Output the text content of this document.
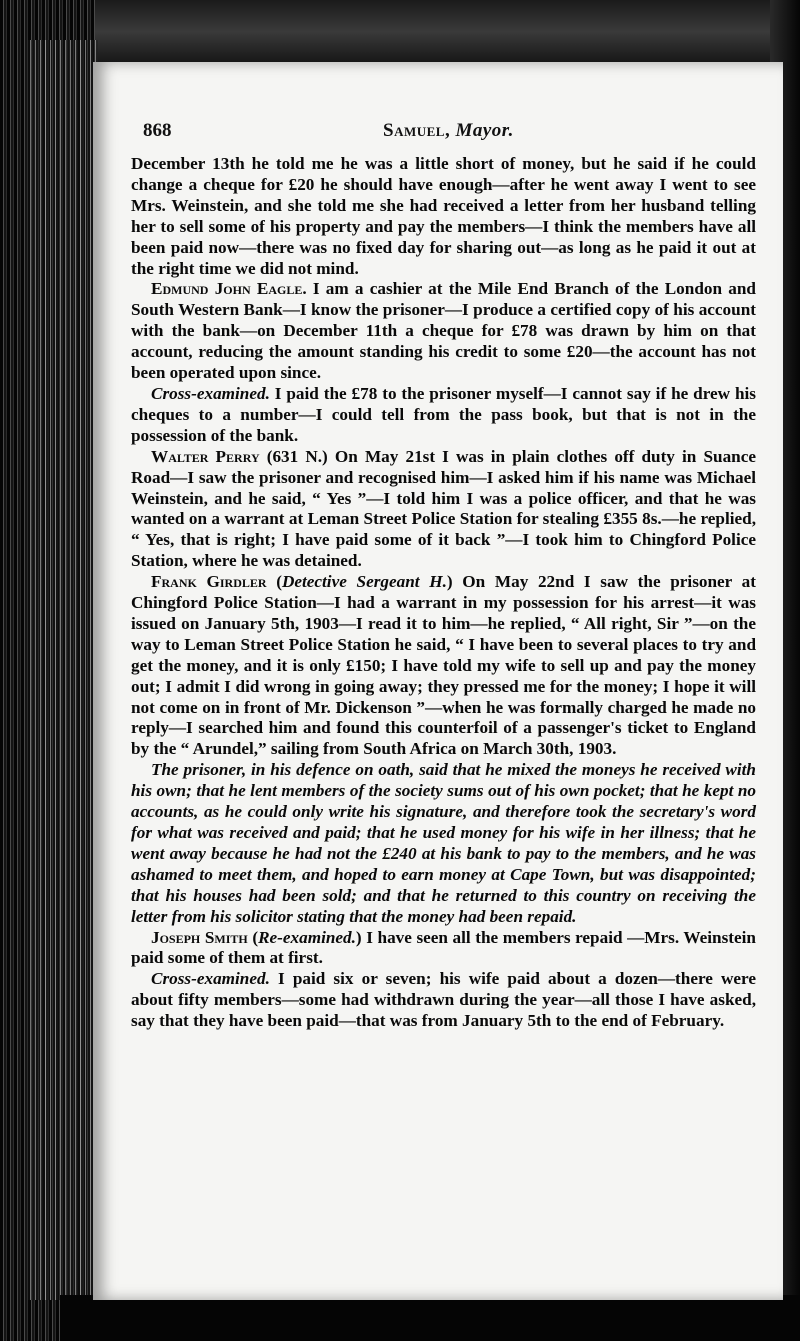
868	Samuel, Mayor.

December 13th he told me he was a little short of money, but he said if he could change a cheque for £20 he should have enough—after he went away I went to see Mrs. Weinstein, and she told me she had received a letter from her husband telling her to sell some of his property and pay the members—I think the members have all been paid now—there was no fixed day for sharing out—as long as he paid it out at the right time we did not mind.

Edmund John Eagle. I am a cashier at the Mile End Branch of the London and South Western Bank—I know the prisoner—I produce a certified copy of his account with the bank—on December 11th a cheque for £78 was drawn by him on that account, reducing the amount standing his credit to some £20—the account has not been operated upon since.

Cross-examined. I paid the £78 to the prisoner myself—I cannot say if he drew his cheques to a number—I could tell from the pass book, but that is not in the possession of the bank.

Walter Perry (631 N.) On May 21st I was in plain clothes off duty in Suance Road—I saw the prisoner and recognised him—I asked him if his name was Michael Weinstein, and he said, “ Yes ”—I told him I was a police officer, and that he was wanted on a warrant at Leman Street Police Station for stealing £355 8s.—he replied, “ Yes, that is right; I have paid some of it back ”—I took him to Chingford Police Station, where he was detained.

Frank Girdler (Detective Sergeant H.) On May 22nd I saw the prisoner at Chingford Police Station—I had a warrant in my possession for his arrest—it was issued on January 5th, 1903—I read it to him—he replied, “ All right, Sir ”—on the way to Leman Street Police Station he said, “ I have been to several places to try and get the money, and it is only £150; I have told my wife to sell up and pay the money out; I admit I did wrong in going away; they pressed me for the money; I hope it will not come on in front of Mr. Dickenson ”—when he was formally charged he made no reply—I searched him and found this counterfoil of a passenger's ticket to England by the “ Arundel,” sailing from South Africa on March 30th, 1903.

The prisoner, in his defence on oath, said that he mixed the moneys he received with his own; that he lent members of the society sums out of his own pocket; that he kept no accounts, as he could only write his signature, and therefore took the secretary's word for what was received and paid; that he used money for his wife in her illness; that he went away because he had not the £240 at his bank to pay to the members, and he was ashamed to meet them, and hoped to earn money at Cape Town, but was disappointed; that his houses had been sold; and that he returned to this country on receiving the letter from his solicitor stating that the money had been repaid.

Joseph Smith (Re-examined.) I have seen all the members repaid —Mrs. Weinstein paid some of them at first.

Cross-examined. I paid six or seven; his wife paid about a dozen—there were about fifty members—some had withdrawn during the year—all those I have asked, say that they have been paid—that was from January 5th to the end of February.
